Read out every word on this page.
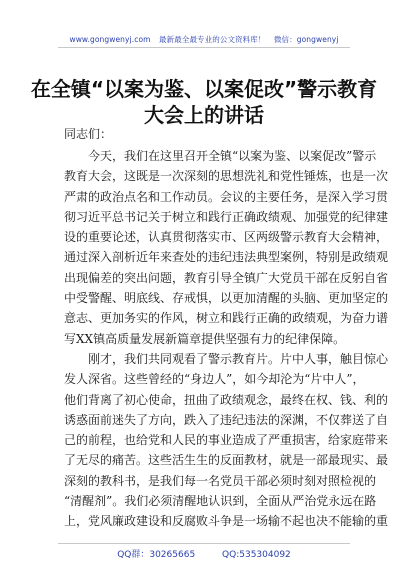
www.gongwenyj.com 最新最全最专业的公文资料库！ 微信：gongwenyj
在全镇“以案为鉴、以案促改”警示教育
大会上的讲话
同志们：
今天，我们在这里召开全镇“以案为鉴、以案促改”警示
教育大会，这既是一次深刻的思想洗礼和党性锤炼，也是一次
严肃的政治点名和工作动员。会议的主要任务，是深入学习贯
彻习近平总书记关于树立和践行正确政绩观、加强党的纪律建
设的重要论述，认真贯彻落实市、区两级警示教育大会精神，
通过深入剖析近年来查处的违纪违法典型案例，特别是政绩观
出现偏差的突出问题，教育引导全镇广大党员干部在反躬自省
中受警醒、明底线、存戒惧，以更加清醒的头脑、更加坚定的
意志、更加务实的作风，树立和践行正确的政绩观，为奋力谱
写XX镇高质量发展新篇章提供坚强有力的纪律保障。
刚才，我们共同观看了警示教育片。片中人事，触目惊心
发人深省。这些曾经的“身边人”，如今却沦为“片中人”，
他们背离了初心使命，扭曲了政绩观念，最终在权、钱、利的
诱惑面前迷失了方向，跌入了违纪违法的深渊，不仅葬送了自
己的前程，也给党和人民的事业造成了严重损害，给家庭带来
了无尽的痛苦。这些活生生的反面教材，就是一部最现实、最
深刻的教科书，是我们每一名党员干部必须时刻对照检视的
“清醒剂”。我们必须清醒地认识到，全面从严治党永远在路
上，党风廉政建设和反腐败斗争是一场输不起也决不能输的重
QQ群：30265665	QQ:535304092
